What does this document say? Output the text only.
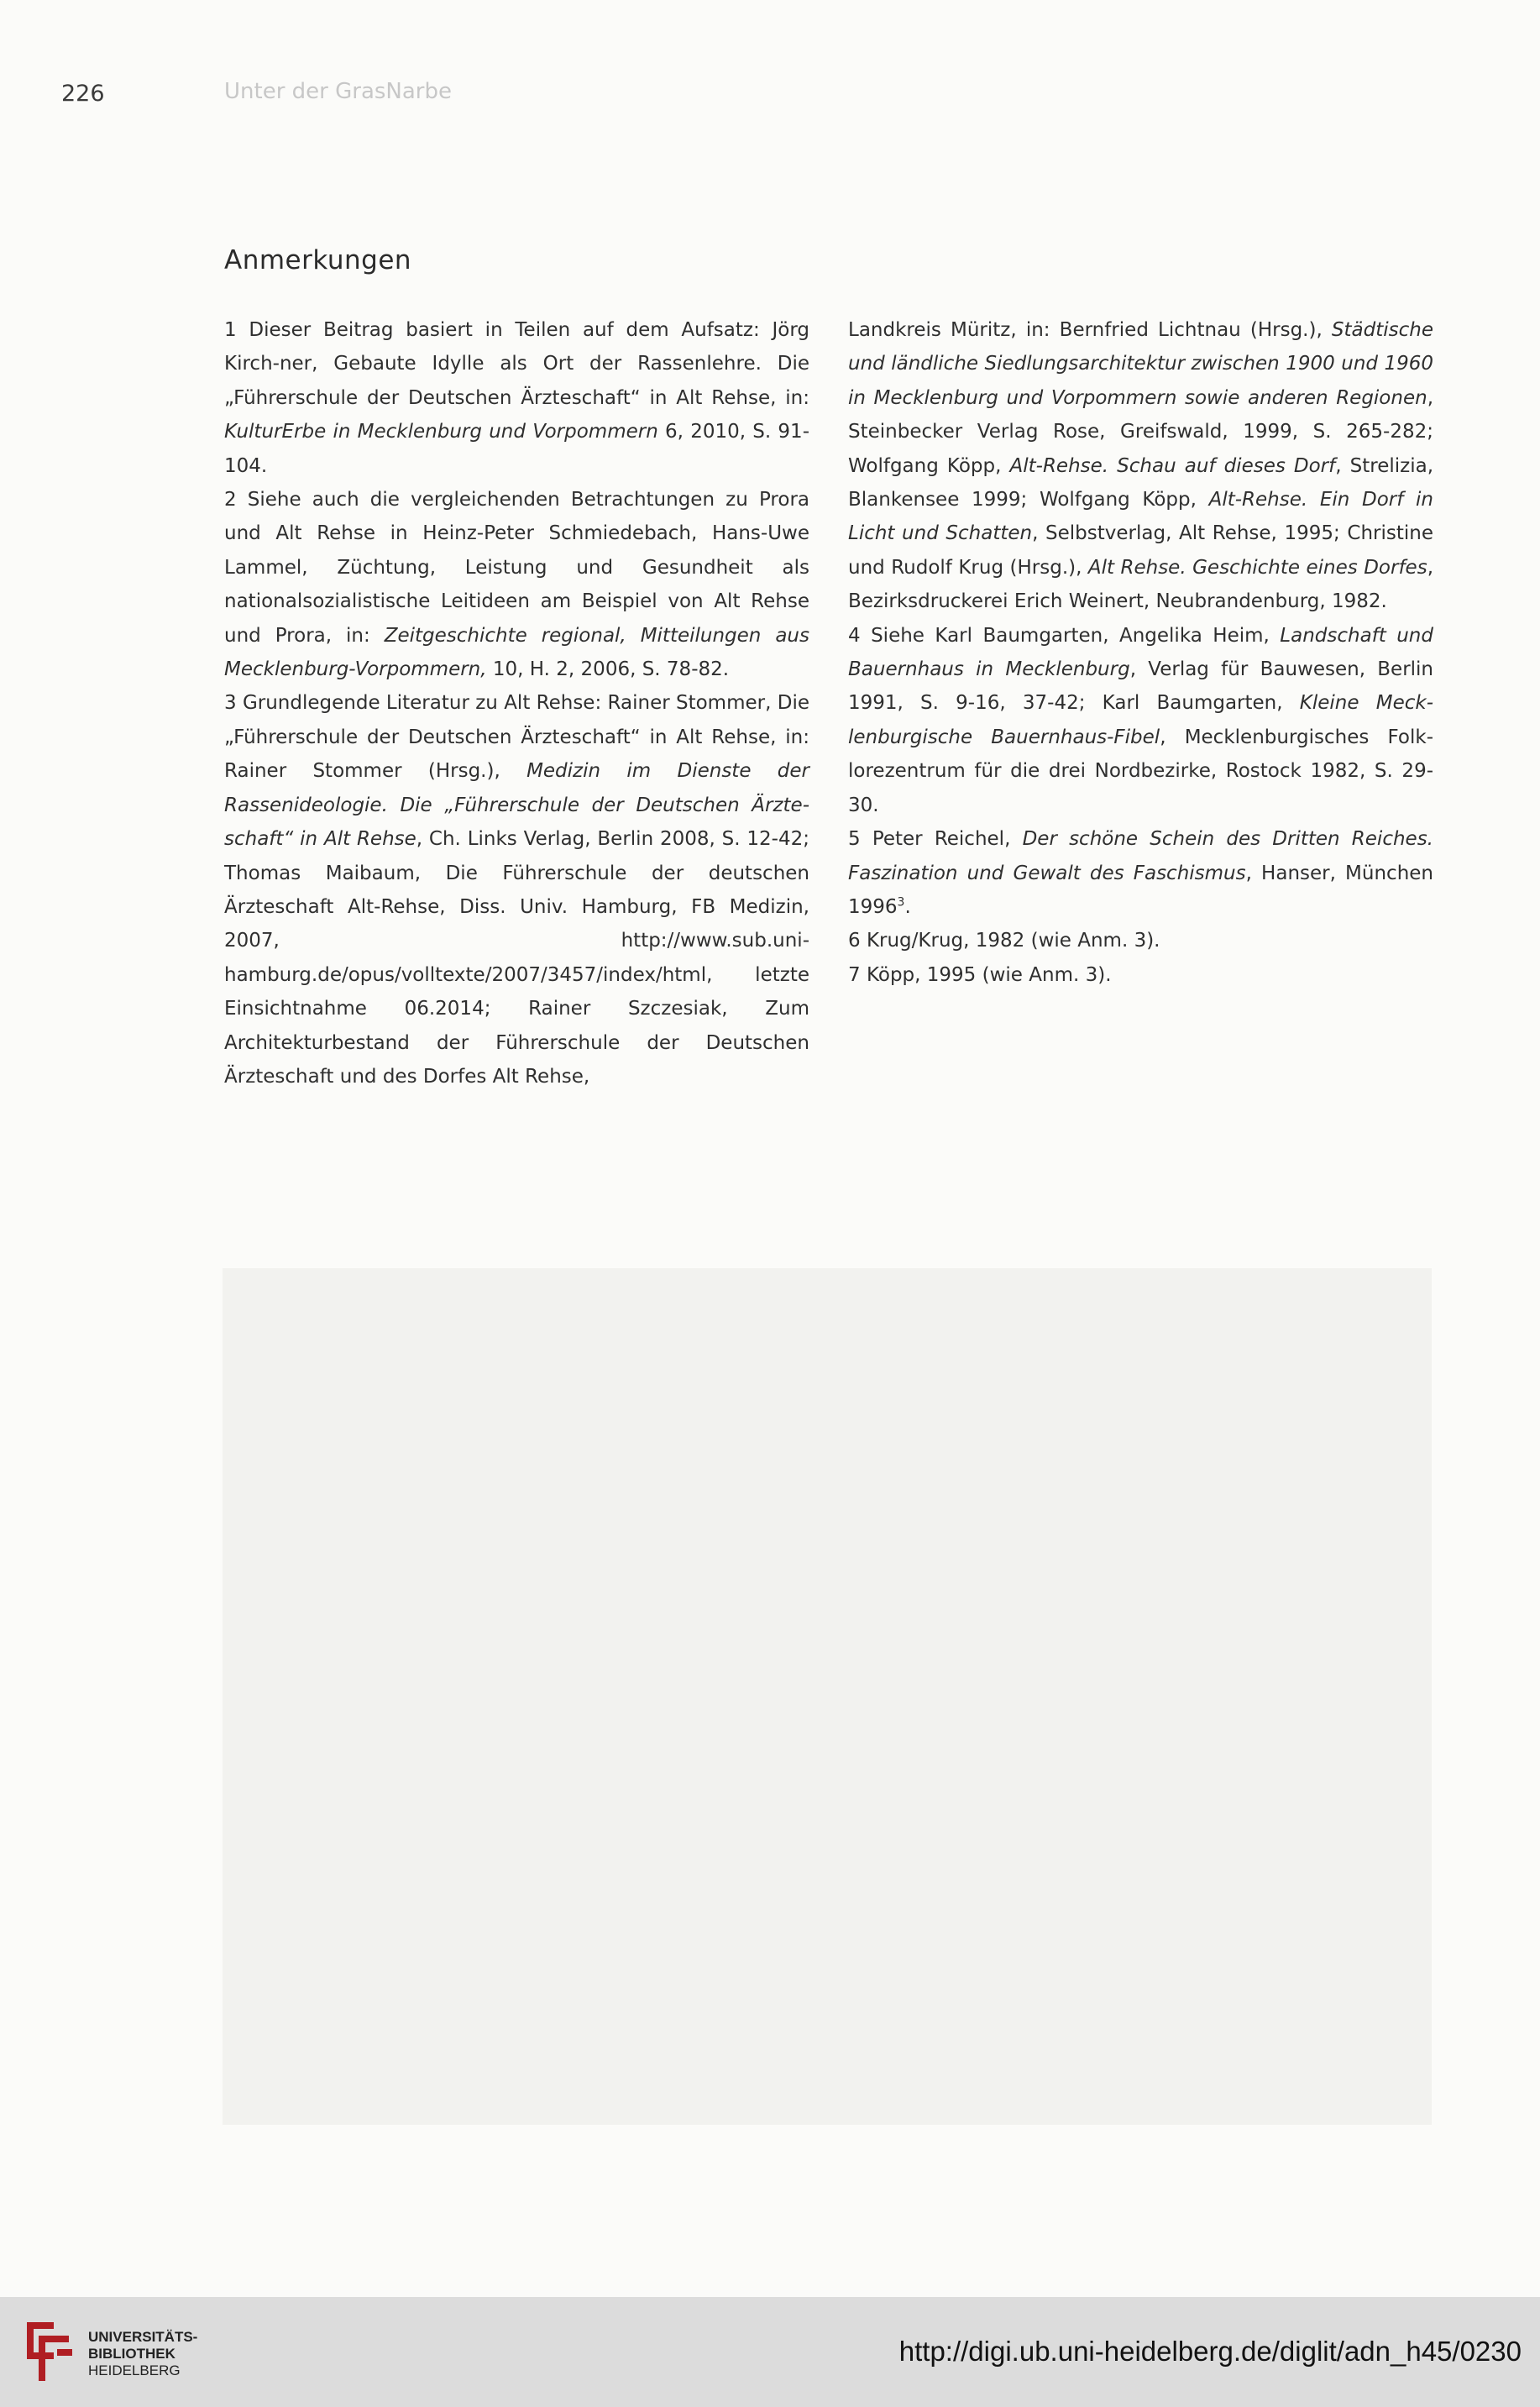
226	Unter der GrasNarbe
Anmerkungen

1 Dieser Beitrag basiert in Teilen auf dem Aufsatz: Jörg Kirch-ner, Gebaute Idylle als Ort der Rassenlehre. Die „Führerschule der Deutschen Ärzteschaft“ in Alt Rehse, in: KulturErbe in Mecklenburg und Vorpommern 6, 2010, S. 91-104.

2 Siehe auch die vergleichenden Betrachtungen zu Prora und Alt Rehse in Heinz-Peter Schmiedebach, Hans-Uwe Lammel, Züchtung, Leistung und Gesundheit als nationalsozialistische Leitideen am Beispiel von Alt Rehse und Prora, in: Zeitgeschichte regional, Mitteilungen aus Mecklenburg-Vorpommern, 10, H. 2, 2006, S. 78-82.

3 Grundlegende Literatur zu Alt Rehse: Rainer Stommer, Die „Führerschule der Deutschen Ärzteschaft“ in Alt Rehse, in: Rainer Stommer (Hrsg.), Medizin im Dienste der Rassenideologie. Die „Führerschule der Deutschen Ärzte-schaft“ in Alt Rehse, Ch. Links Verlag, Berlin 2008, S. 12-42; Thomas Maibaum, Die Führerschule der deutschen Ärzteschaft Alt-Rehse, Diss. Univ. Hamburg, FB Medizin, 2007, http://www.sub.uni-hamburg.de/opus/volltexte/2007/3457/index/html, letzte Einsichtnahme 06.2014; Rainer Szczesiak, Zum Architekturbestand der Führerschule der Deutschen Ärzteschaft und des Dorfes Alt Rehse,

Landkreis Müritz, in: Bernfried Lichtnau (Hrsg.), Städtische und ländliche Siedlungsarchitektur zwischen 1900 und 1960 in Mecklenburg und Vorpommern sowie anderen Regionen, Steinbecker Verlag Rose, Greifswald, 1999, S. 265-282; Wolfgang Köpp, Alt-Rehse. Schau auf dieses Dorf, Strelizia, Blankensee 1999; Wolfgang Köpp, Alt-Rehse. Ein Dorf in Licht und Schatten, Selbstverlag, Alt Rehse, 1995; Christine und Rudolf Krug (Hrsg.), Alt Rehse. Geschichte eines Dorfes, Bezirksdruckerei Erich Weinert, Neubrandenburg, 1982.

4 Siehe Karl Baumgarten, Angelika Heim, Landschaft und Bauernhaus in Mecklenburg, Verlag für Bauwesen, Berlin 1991, S. 9-16, 37-42; Karl Baumgarten, Kleine Meck-lenburgische Bauernhaus-Fibel, Mecklenburgisches Folk-lorezentrum für die drei Nordbezirke, Rostock 1982, S. 29-30.

5 Peter Reichel, Der schöne Schein des Dritten Reiches. Faszination und Gewalt des Faschismus, Hanser, München 1996$^3$.

6 Krug/Krug, 1982 (wie Anm. 3).

7 Köpp, 1995 (wie Anm. 3).

UNIVERSITÄTS-
BIBLIOTHEK
HEIDELBERG
http://digi.ub.uni-heidelberg.de/diglit/adn_h45/0230
